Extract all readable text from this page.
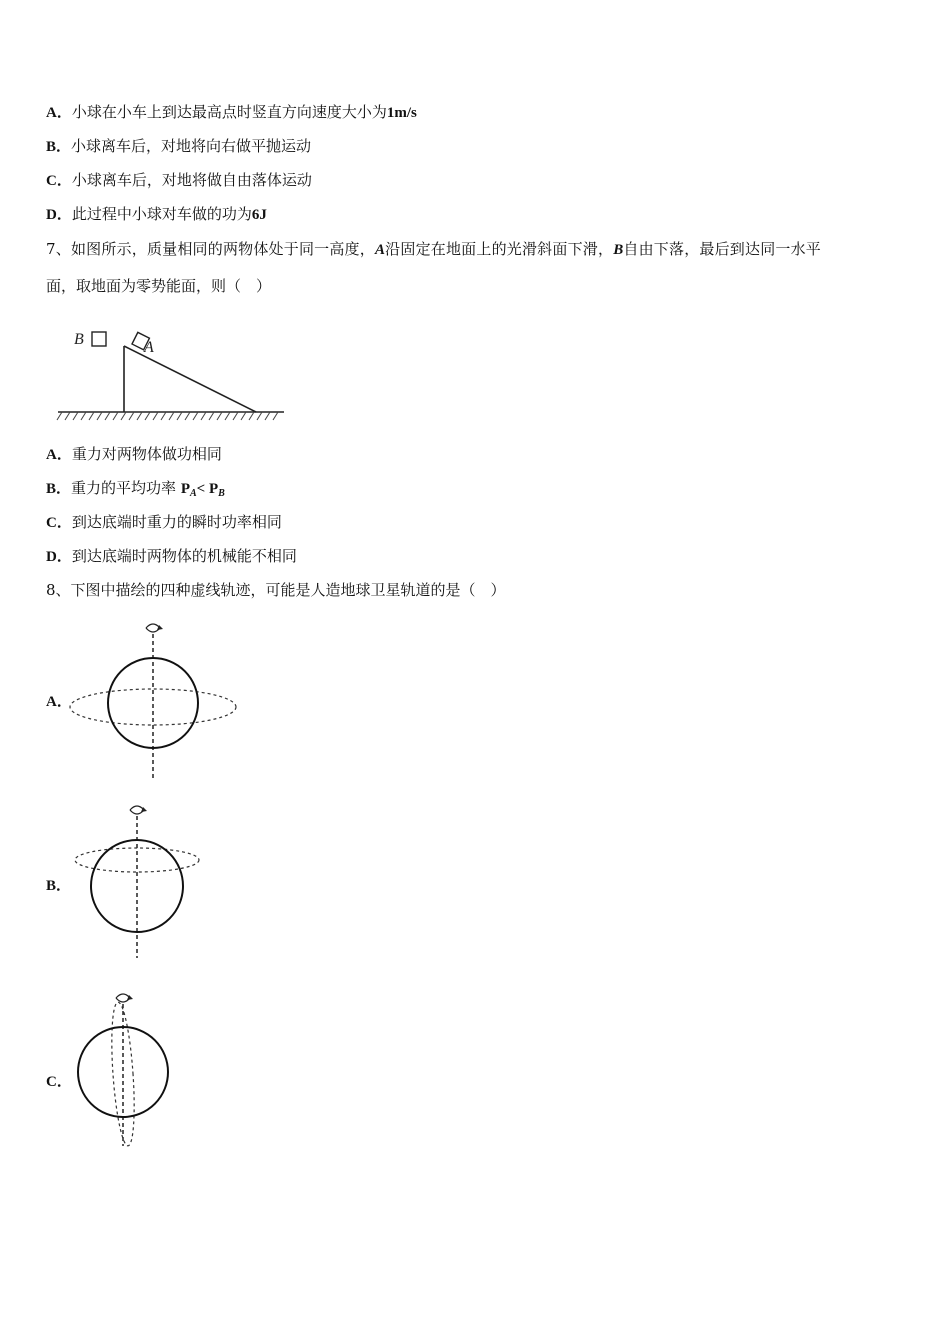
A．小球在小车上到达最高点时竖直方向速度大小为1m/s
B．小球离车后，对地将向右做平抛运动
C．小球离车后，对地将做自由落体运动
D．此过程中小球对车做的功为6J
7、如图所示，质量相同的两物体处于同一高度，A沿固定在地面上的光滑斜面下滑，B自由下落，最后到达同一水平
面，取地面为零势能面，则（　）
B	A
A．重力对两物体做功相同
B．重力的平均功率 $P_A< P_B$
C．到达底端时重力的瞬时功率相同
D．到达底端时两物体的机械能不相同
8、下图中描绘的四种虚线轨迹，可能是人造地球卫星轨道的是（　）
A．
B．
C．
